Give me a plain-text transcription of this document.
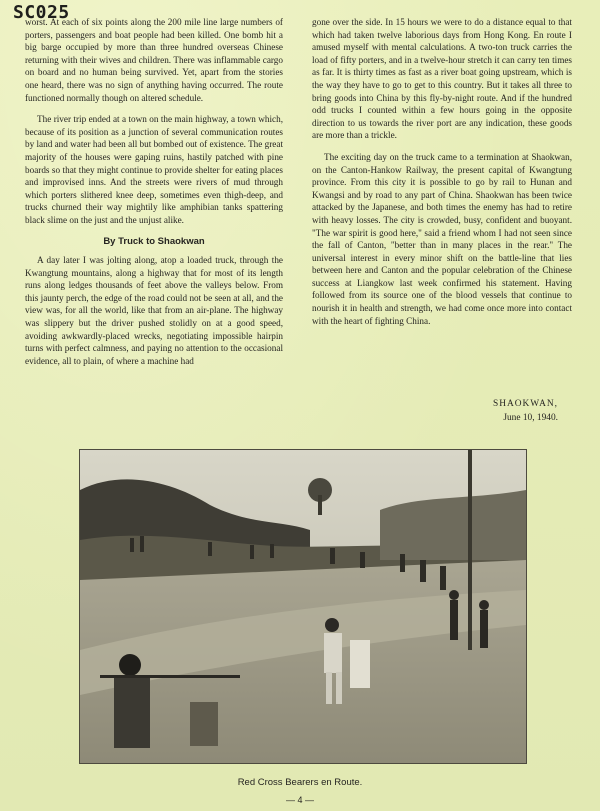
SC025

worst. At each of six points along the 200 mile line large numbers of porters, passengers and boat people had been killed. One bomb hit a big barge occupied by more than three hundred overseas Chinese returning with their wives and children. There was inflammable cargo on board and no human being survived. Yet, apart from the stories one heard, there was no sign of anything having occurred. The route functioned normally though on altered schedule.

The river trip ended at a town on the main highway, a town which, because of its position as a junction of several communication routes by land and water had been all but bombed out of existence. The great majority of the houses were gaping ruins, hastily patched with pine boards so that they might continue to provide shelter for eating places and improvised inns. And the streets were rivers of mud through which porters slithered knee deep, sometimes even thigh-deep, and trucks churned their way mightily like amphibian tanks spattering black slime on the just and the unjust alike.

By Truck to Shaokwan

A day later I was jolting along, atop a loaded truck, through the Kwangtung mountains, along a highway that for most of its length runs along ledges thousands of feet above the valleys below. From this jaunty perch, the edge of the road could not be seen at all, and the view was, for all the world, like that from an air-plane. The highway was slippery but the driver pushed stolidly on at a good speed, avoiding awkwardly-placed wrecks, negotiating impossible hairpin turns with perfect calmness, and paying no attention to the occasional evidence, all to plain, of where a machine had

gone over the side. In 15 hours we were to do a distance equal to that which had taken twelve laborious days from Hong Kong. En route I amused myself with mental calculations. A two-ton truck carries the load of fifty porters, and in a twelve-hour stretch it can carry ten times as far. It is thirty times as fast as a river boat going upstream, which is the way they have to go to get to this country. But it takes all three to bring goods into China by this fly-by-night route. And if the hundred odd trucks I counted within a few hours going in the opposite direction to us towards the river port are any indication, these goods are more than a trickle.

The exciting day on the truck came to a termination at Shaokwan, on the Canton-Hankow Railway, the present capital of Kwangtung province. From this city it is possible to go by rail to Hunan and Kwangsi and by road to any part of China. Shaokwan has been twice attacked by the Japanese, and both times the enemy has had to retire with heavy losses. The city is crowded, busy, confident and buoyant. "The war spirit is good here," said a friend whom I had not seen since the fall of Canton, "better than in many places in the rear." The universal interest in every minor shift on the battle-line that lies between here and Canton and the popular celebration of the Chinese success at Liangkow last week confirmed his statement. Having followed from its source one of the blood vessels that continue to nourish it in health and strength, we had come once more into contact with the heart of fighting China.

SHAOKWAN,
June 10, 1940.
Red Cross Bearers en Route.
— 4 —
